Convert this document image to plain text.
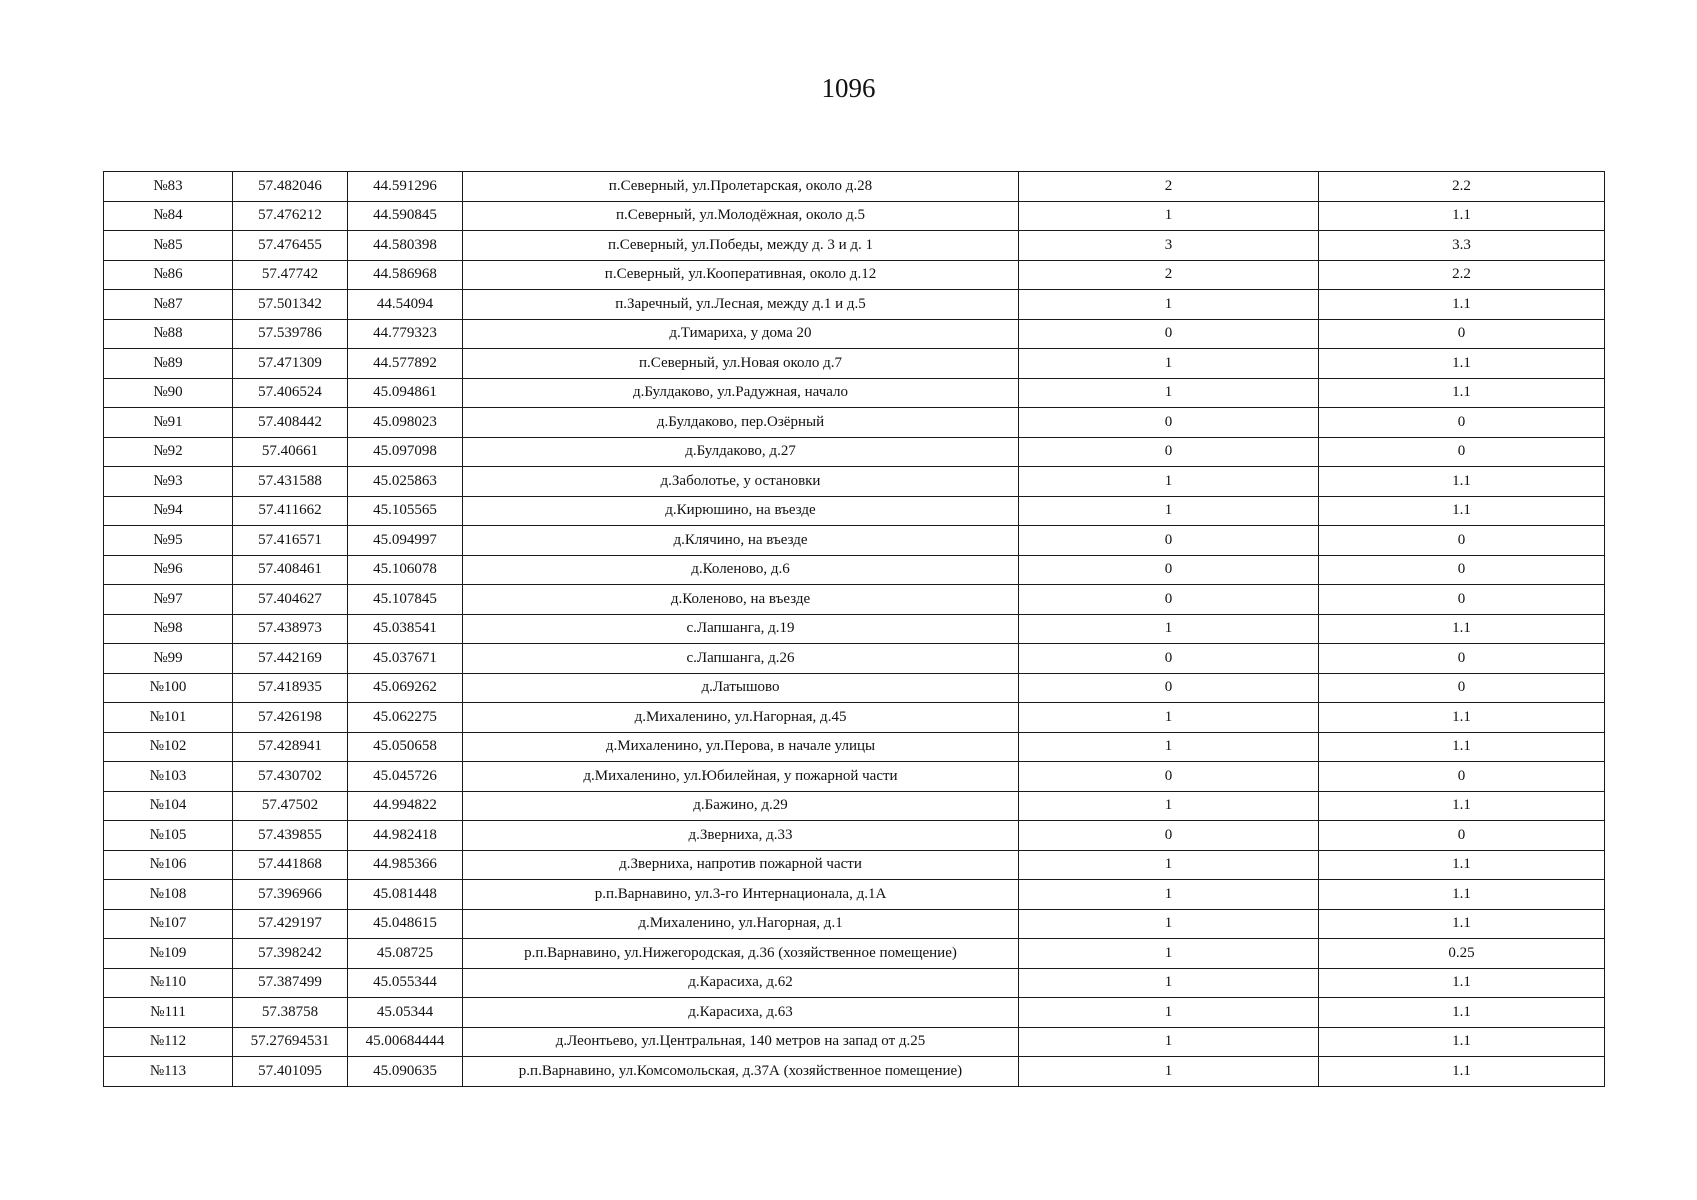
1096
№83	57.482046	44.591296	п.Северный, ул.Пролетарская, около д.28	2	2.2
№84	57.476212	44.590845	п.Северный, ул.Молодёжная, около д.5	1	1.1
№85	57.476455	44.580398	п.Северный, ул.Победы, между д. 3 и д. 1	3	3.3
№86	57.47742	44.586968	п.Северный, ул.Кооперативная, около д.12	2	2.2
№87	57.501342	44.54094	п.Заречный, ул.Лесная, между д.1 и д.5	1	1.1
№88	57.539786	44.779323	д.Тимариха, у дома 20	0	0
№89	57.471309	44.577892	п.Северный, ул.Новая около д.7	1	1.1
№90	57.406524	45.094861	д.Булдаково, ул.Радужная, начало	1	1.1
№91	57.408442	45.098023	д.Булдаково, пер.Озёрный	0	0
№92	57.40661	45.097098	д.Булдаково, д.27	0	0
№93	57.431588	45.025863	д.Заболотье, у остановки	1	1.1
№94	57.411662	45.105565	д.Кирюшино, на въезде	1	1.1
№95	57.416571	45.094997	д.Клячино, на въезде	0	0
№96	57.408461	45.106078	д.Коленово, д.6	0	0
№97	57.404627	45.107845	д.Коленово, на въезде	0	0
№98	57.438973	45.038541	с.Лапшанга, д.19	1	1.1
№99	57.442169	45.037671	с.Лапшанга, д.26	0	0
№100	57.418935	45.069262	д.Латышово	0	0
№101	57.426198	45.062275	д.Михаленино, ул.Нагорная, д.45	1	1.1
№102	57.428941	45.050658	д.Михаленино, ул.Перова, в начале улицы	1	1.1
№103	57.430702	45.045726	д.Михаленино, ул.Юбилейная, у пожарной части	0	0
№104	57.47502	44.994822	д.Бажино, д.29	1	1.1
№105	57.439855	44.982418	д.Зверниха, д.33	0	0
№106	57.441868	44.985366	д.Зверниха, напротив пожарной части	1	1.1
№108	57.396966	45.081448	р.п.Варнавино, ул.3-го Интернационала, д.1А	1	1.1
№107	57.429197	45.048615	д.Михаленино, ул.Нагорная, д.1	1	1.1
№109	57.398242	45.08725	р.п.Варнавино, ул.Нижегородская, д.36 (хозяйственное помещение)	1	0.25
№110	57.387499	45.055344	д.Карасиха, д.62	1	1.1
№111	57.38758	45.05344	д.Карасиха, д.63	1	1.1
№112	57.27694531	45.00684444	д.Леонтьево, ул.Центральная, 140 метров на запад от д.25	1	1.1
№113	57.401095	45.090635	р.п.Варнавино, ул.Комсомольская, д.37А (хозяйственное помещение)	1	1.1
